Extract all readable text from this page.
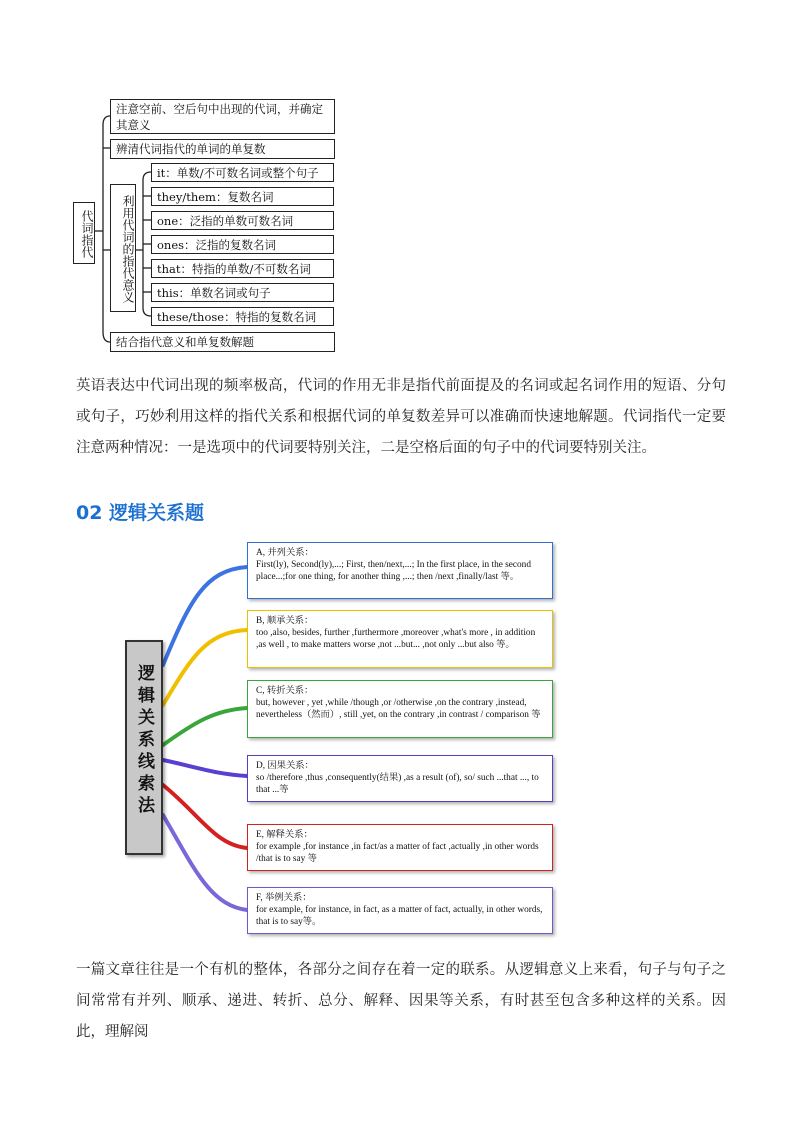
代词指代
注意空前、空后句中出现的代词，并确定其意义
辨清代词指代的单词的单复数
利用代词的指代意义
it：单数/不可数名词或整个句子
they/them：复数名词
one：泛指的单数可数名词
ones：泛指的复数名词
that：特指的单数/不可数名词
this：单数名词或句子
these/those：特指的复数名词
结合指代意义和单复数解题
英语表达中代词出现的频率极高，代词的作用无非是指代前面提及的名词或起名词作用的短语、分句或句子，巧妙利用这样的指代关系和根据代词的单复数差异可以准确而快速地解题。代词指代一定要注意两种情况：一是选项中的代词要特别关注，二是空格后面的句子中的代词要特别关注。
02 逻辑关系题
逻辑关系线索法
A, 并列关系：
First(ly), Second(ly),...; First, then/next,...; In the first place, in the second place...;for one thing, for another thing ,...; then /next ,finally/last 等。
B, 顺承关系：
too ,also, besides, further ,furthermore ,moreover ,what's more , in addition ,as well , to make matters worse ,not ...but... ,not only ...but also 等。
C, 转折关系：
but, however , yet ,while /though ,or /otherwise ,on the contrary ,instead, nevertheless（然而）, still ,yet, on the contrary ,in contrast / comparison 等
D, 因果关系：
so /therefore ,thus ,consequently(结果) ,as a result (of), so/ such ...that ..., to that ...等
E, 解释关系：
for example ,for instance ,in fact/as a matter of fact ,actually ,in other words /that is to say 等
F, 举例关系：
for example, for instance, in fact, as a matter of fact, actually, in other words, that is to say等。
一篇文章往往是一个有机的整体，各部分之间存在着一定的联系。从逻辑意义上来看，句子与句子之间常常有并列、顺承、递进、转折、总分、解释、因果等关系，有时甚至包含多种这样的关系。因此，理解阅
